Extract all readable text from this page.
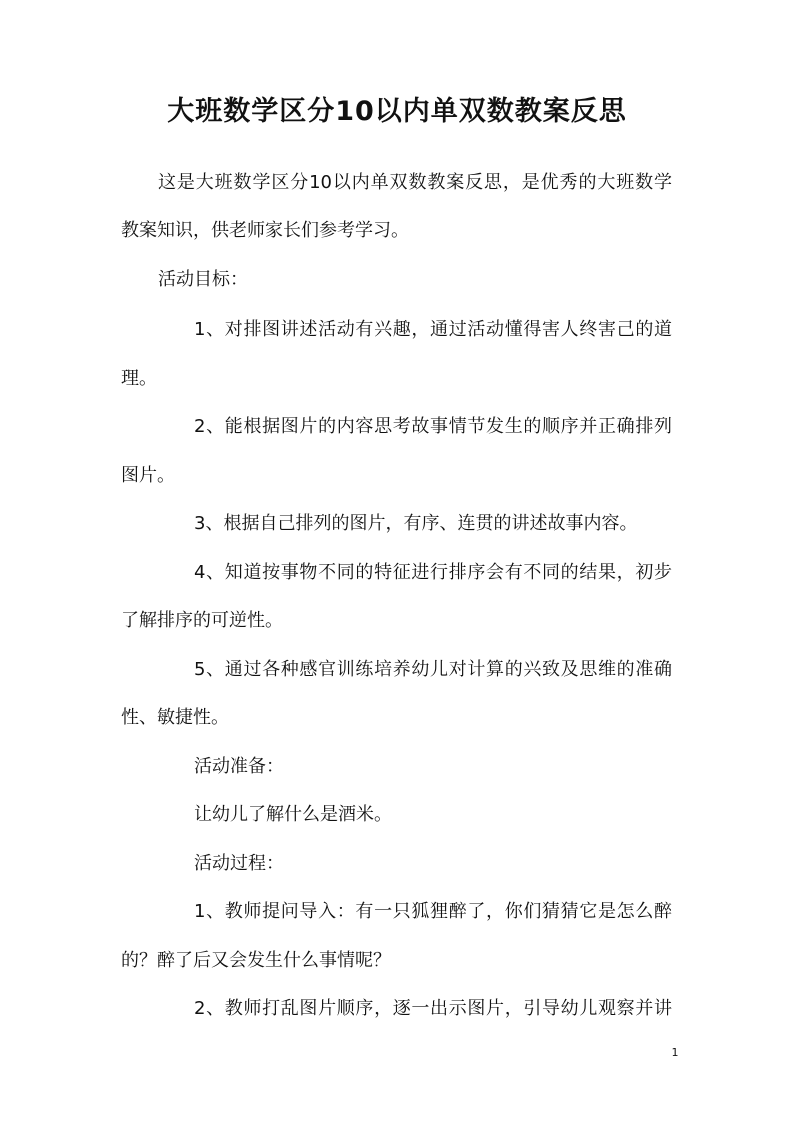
大班数学区分10以内单双数教案反思
这是大班数学区分10以内单双数教案反思，是优秀的大班数学
教案知识，供老师家长们参考学习。
活动目标：
1、对排图讲述活动有兴趣，通过活动懂得害人终害己的道
理。
2、能根据图片的内容思考故事情节发生的顺序并正确排列
图片。
3、根据自己排列的图片，有序、连贯的讲述故事内容。
4、知道按事物不同的特征进行排序会有不同的结果，初步
了解排序的可逆性。
5、通过各种感官训练培养幼儿对计算的兴致及思维的准确
性、敏捷性。
活动准备：
让幼儿了解什么是酒米。
活动过程：
1、教师提问导入：有一只狐狸醉了，你们猜猜它是怎么醉
的？醉了后又会发生什么事情呢？
2、教师打乱图片顺序，逐一出示图片，引导幼儿观察并讲
1
